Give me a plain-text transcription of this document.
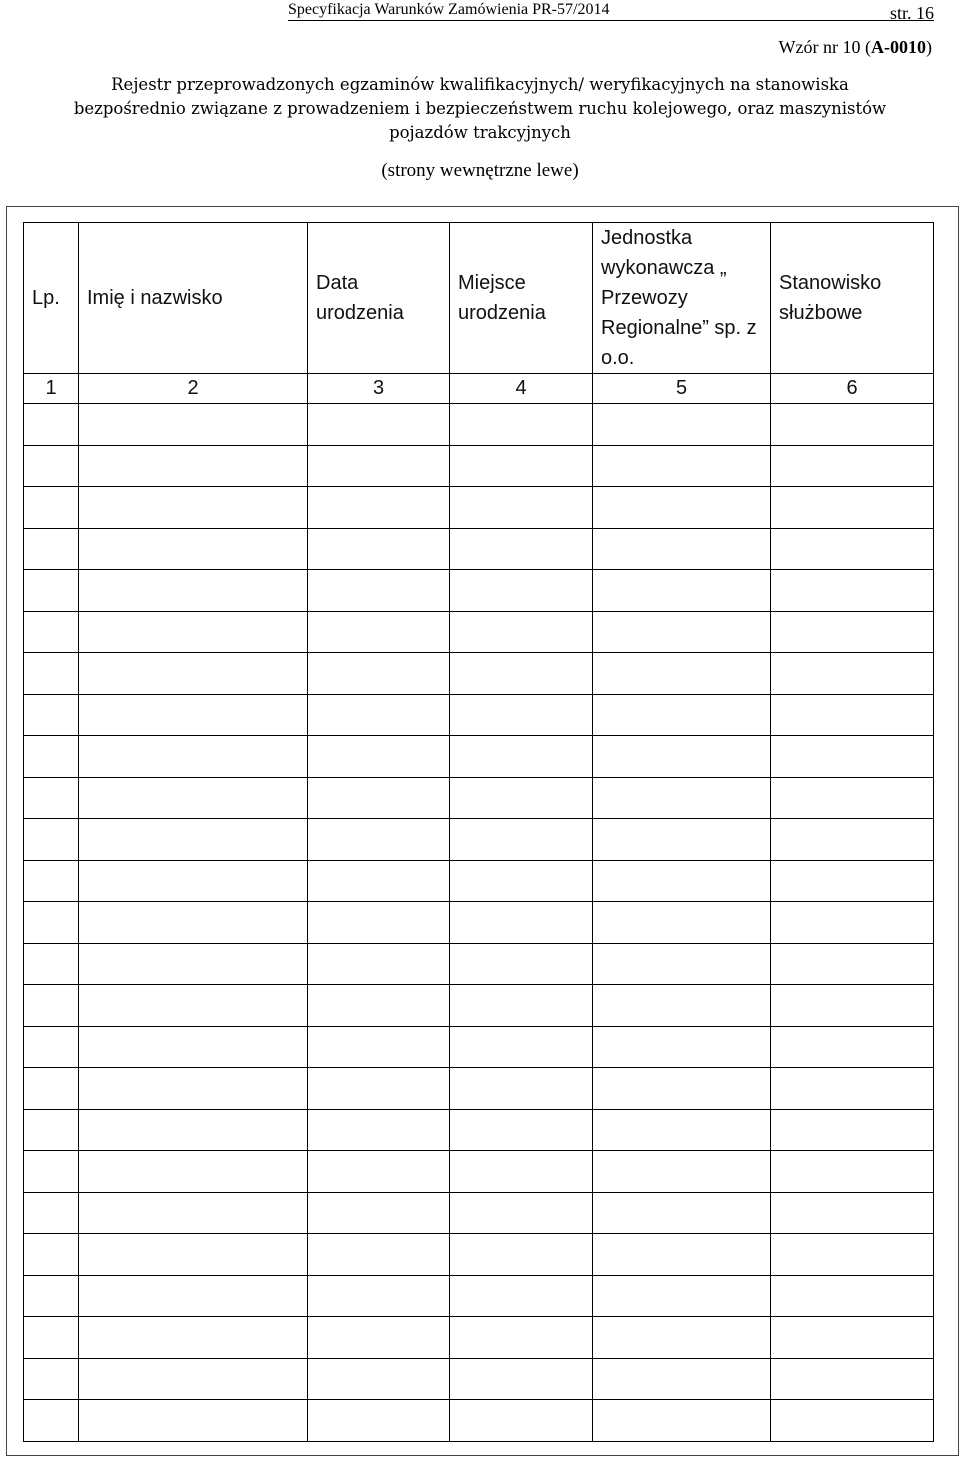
Specyfikacja Warunków Zamówienia PR-57/2014	str. 16
Wzór nr 10 (A-0010)
Rejestr przeprowadzonych egzaminów kwalifikacyjnych/ weryfikacyjnych na stanowiska
bezpośrednio związane z prowadzeniem i bezpieczeństwem ruchu kolejowego, oraz maszynistów
pojazdów trakcyjnych
(strony wewnętrzne lewe)
Lp.	Imię i nazwisko	Data urodzenia	Miejsce urodzenia	Jednostka wykonawcza „ Przewozy Regionalne” sp. z o.o.	Stanowisko służbowe
1	2	3	4	5	6
